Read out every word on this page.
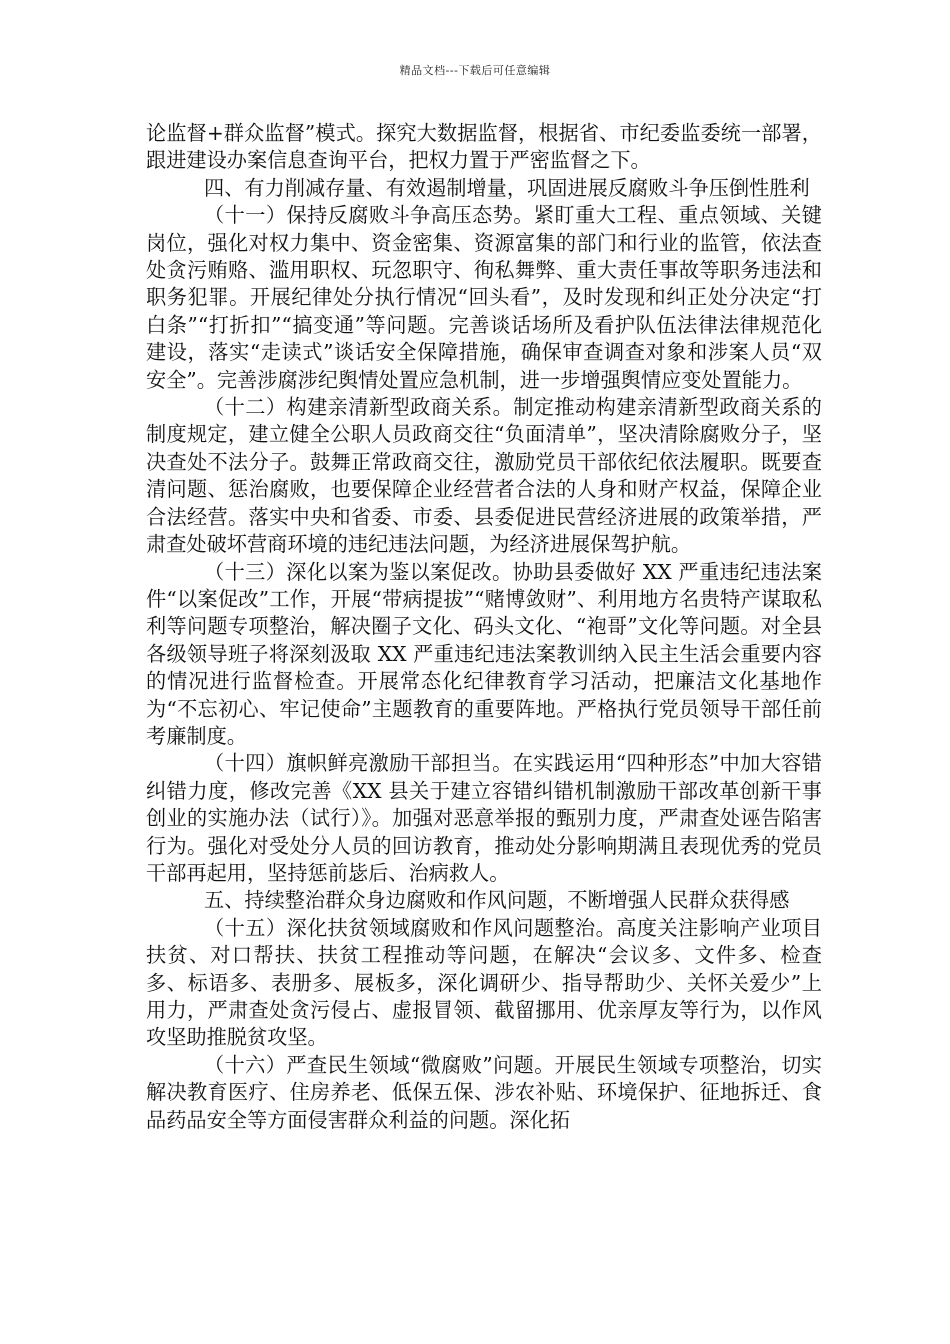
精品文档---下载后可任意编辑

论监督+群众监督”模式。探究大数据监督，根据省、市纪委监委统一部署，跟进建设办案信息查询平台，把权力置于严密监督之下。

四、有力削减存量、有效遏制增量，巩固进展反腐败斗争压倒性胜利

（十一）保持反腐败斗争高压态势。紧盯重大工程、重点领域、关键岗位，强化对权力集中、资金密集、资源富集的部门和行业的监管，依法查处贪污贿赂、滥用职权、玩忽职守、徇私舞弊、重大责任事故等职务违法和职务犯罪。开展纪律处分执行情况“回头看”，及时发现和纠正处分决定“打白条”“打折扣”“搞变通”等问题。完善谈话场所及看护队伍法律法律规范化建设，落实“走读式”谈话安全保障措施，确保审查调查对象和涉案人员“双安全”。完善涉腐涉纪舆情处置应急机制，进一步增强舆情应变处置能力。

（十二）构建亲清新型政商关系。制定推动构建亲清新型政商关系的制度规定，建立健全公职人员政商交往“负面清单”，坚决清除腐败分子，坚决查处不法分子。鼓舞正常政商交往，激励党员干部依纪依法履职。既要查清问题、惩治腐败，也要保障企业经营者合法的人身和财产权益，保障企业合法经营。落实中央和省委、市委、县委促进民营经济进展的政策举措，严肃查处破坏营商环境的违纪违法问题，为经济进展保驾护航。

（十三）深化以案为鉴以案促改。协助县委做好 XX 严重违纪违法案件“以案促改”工作，开展“带病提拔”“赌博敛财”、利用地方名贵特产谋取私利等问题专项整治，解决圈子文化、码头文化、“袍哥”文化等问题。对全县各级领导班子将深刻汲取 XX 严重违纪违法案教训纳入民主生活会重要内容的情况进行监督检查。开展常态化纪律教育学习活动，把廉洁文化基地作为“不忘初心、牢记使命”主题教育的重要阵地。严格执行党员领导干部任前考廉制度。

（十四）旗帜鲜亮激励干部担当。在实践运用“四种形态”中加大容错纠错力度，修改完善《XX 县关于建立容错纠错机制激励干部改革创新干事创业的实施办法（试行）》。加强对恶意举报的甄别力度，严肃查处诬告陷害行为。强化对受处分人员的回访教育，推动处分影响期满且表现优秀的党员干部再起用，坚持惩前毖后、治病救人。

五、持续整治群众身边腐败和作风问题，不断增强人民群众获得感

（十五）深化扶贫领域腐败和作风问题整治。高度关注影响产业项目扶贫、对口帮扶、扶贫工程推动等问题，在解决“会议多、文件多、检查多、标语多、表册多、展板多，深化调研少、指导帮助少、关怀关爱少”上用力，严肃查处贪污侵占、虚报冒领、截留挪用、优亲厚友等行为，以作风攻坚助推脱贫攻坚。

（十六）严查民生领域“微腐败”问题。开展民生领域专项整治，切实解决教育医疗、住房养老、低保五保、涉农补贴、环境保护、征地拆迁、食品药品安全等方面侵害群众利益的问题。深化拓
